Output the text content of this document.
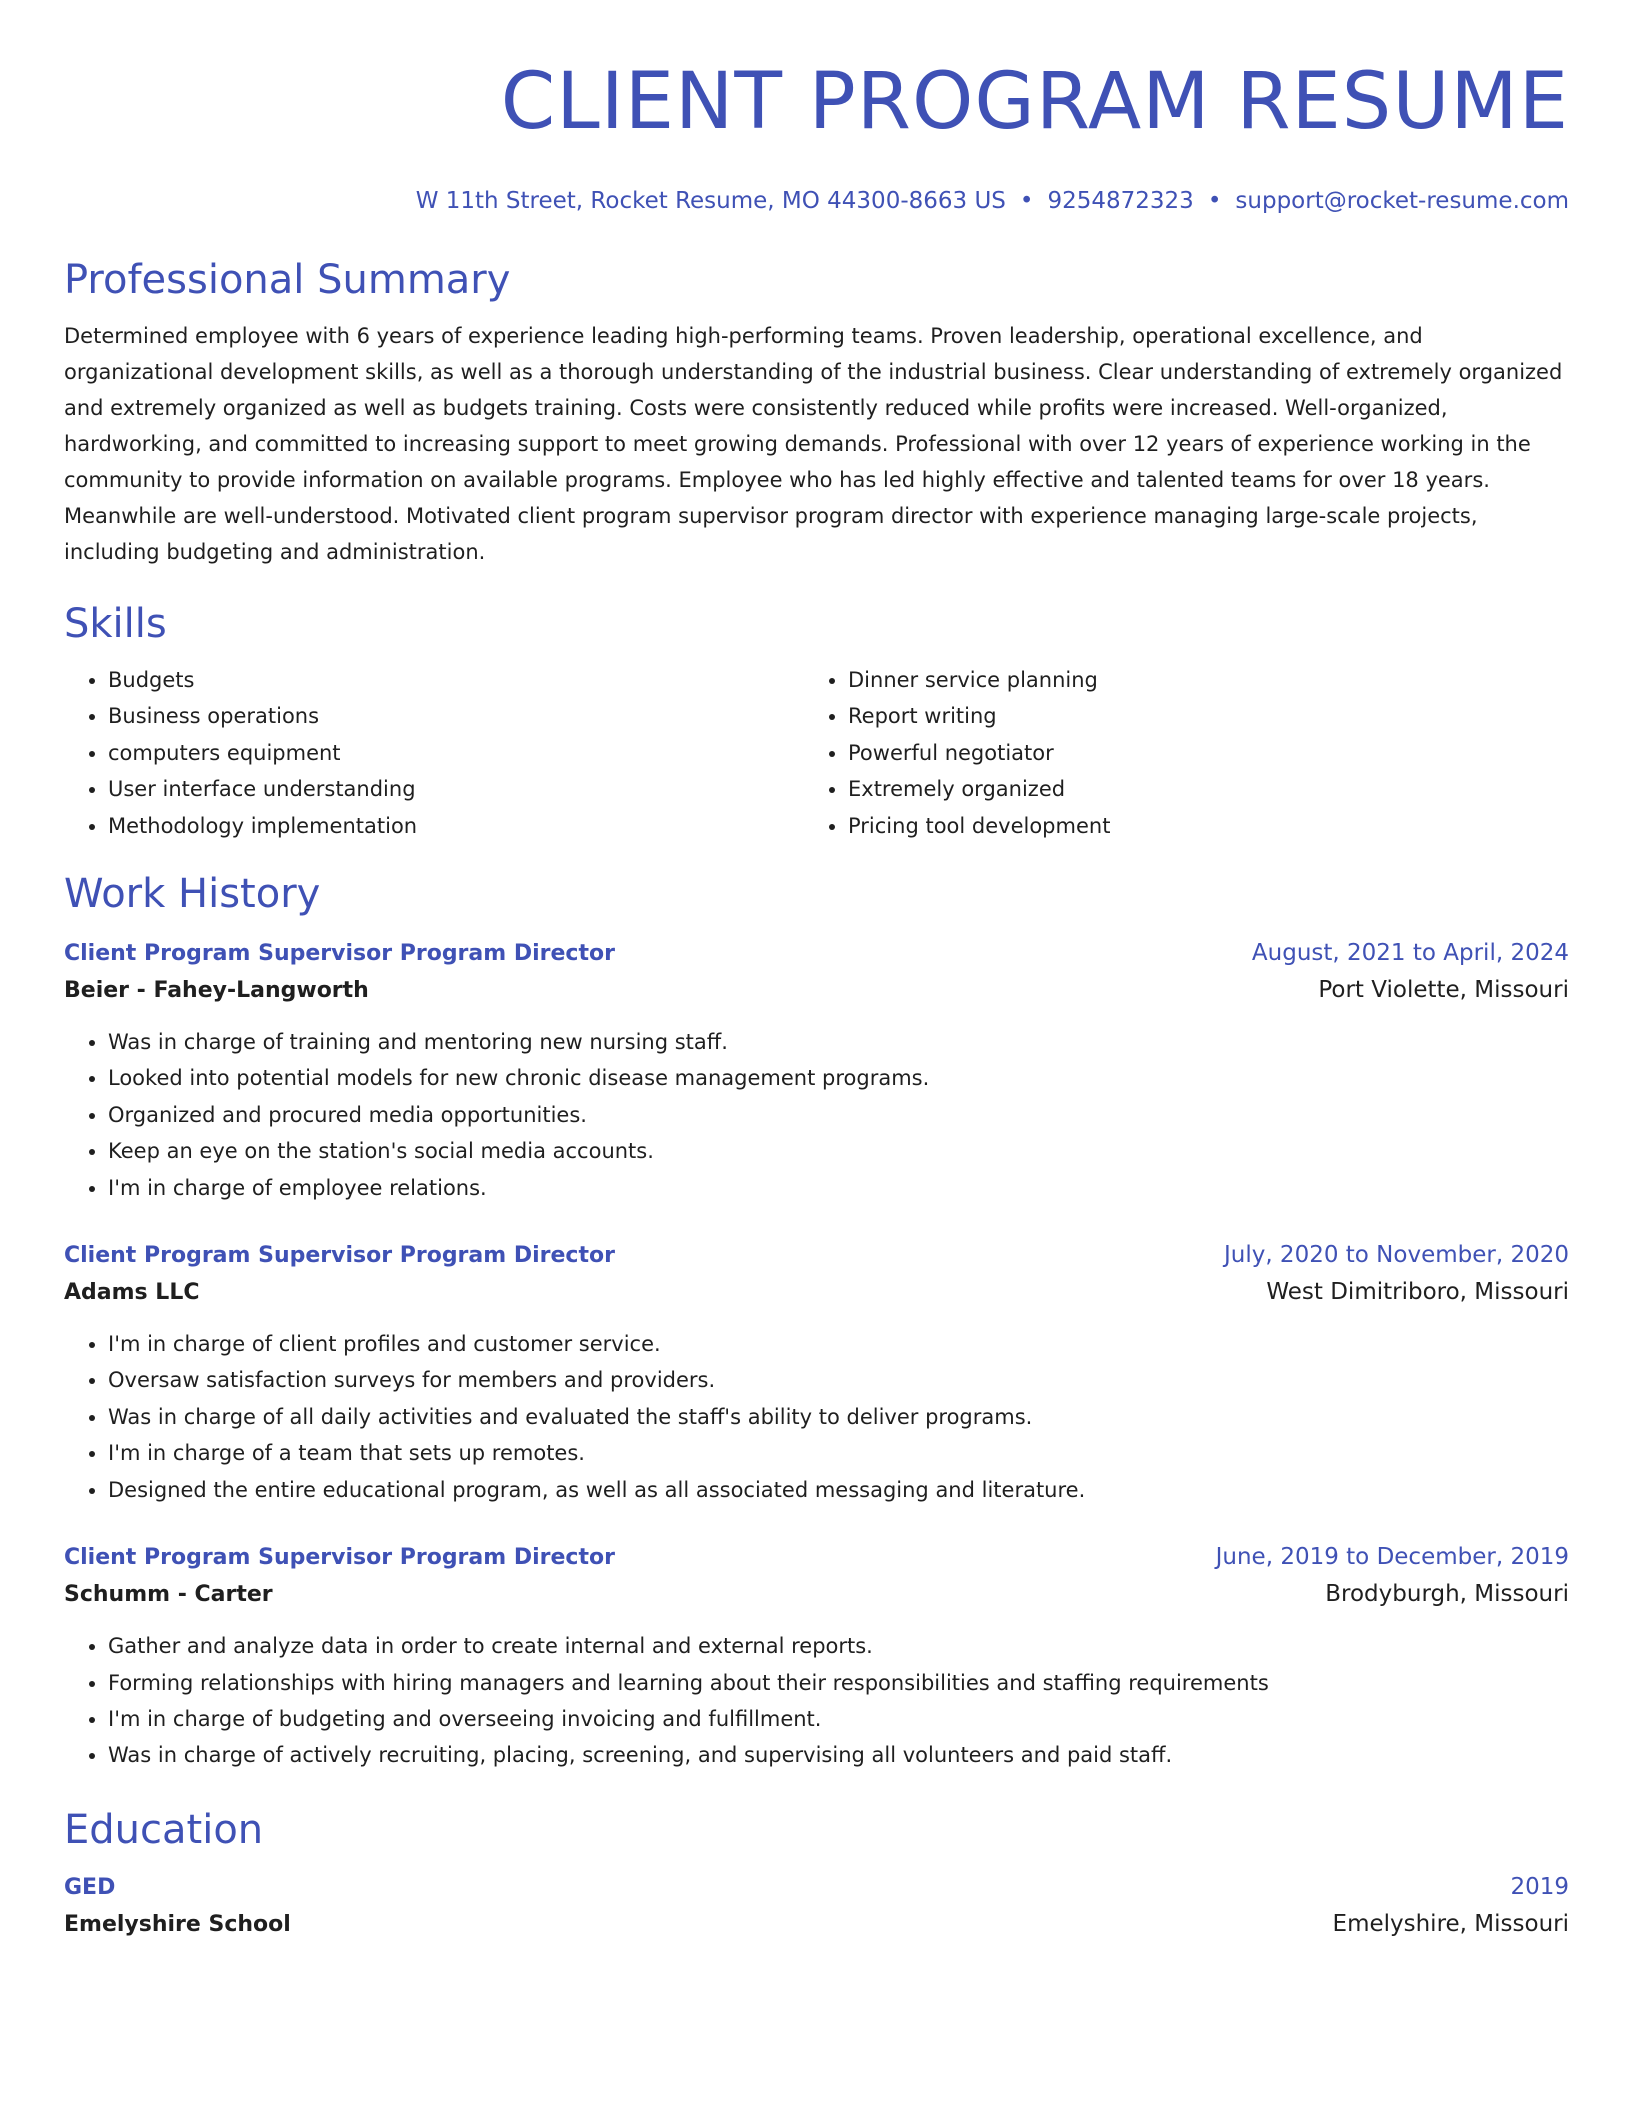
CLIENT PROGRAM RESUME
W 11th Street, Rocket Resume, MO 44300-8663 US • 9254872323 • support@rocket-resume.com
Professional Summary

Determined employee with 6 years of experience leading high-performing teams. Proven leadership, operational excellence, and organizational development skills, as well as a thorough understanding of the industrial business. Clear understanding of extremely organized and extremely organized as well as budgets training. Costs were consistently reduced while profits were increased. Well-organized, hardworking, and committed to increasing support to meet growing demands. Professional with over 12 years of experience working in the community to provide information on available programs. Employee who has led highly effective and talented teams for over 18 years. Meanwhile are well-understood. Motivated client program supervisor program director with experience managing large-scale projects, including budgeting and administration.

Skills
• Budgets
• Business operations
• computers equipment
• User interface understanding
• Methodology implementation
• Dinner service planning
• Report writing
• Powerful negotiator
• Extremely organized
• Pricing tool development
Work History
Client Program Supervisor Program Director	August, 2021 to April, 2024
Beier - Fahey-Langworth	Port Violette, Missouri
• Was in charge of training and mentoring new nursing staff.
• Looked into potential models for new chronic disease management programs.
• Organized and procured media opportunities.
• Keep an eye on the station's social media accounts.
• I'm in charge of employee relations.
Client Program Supervisor Program Director	July, 2020 to November, 2020
Adams LLC	West Dimitriboro, Missouri
• I'm in charge of client profiles and customer service.
• Oversaw satisfaction surveys for members and providers.
• Was in charge of all daily activities and evaluated the staff's ability to deliver programs.
• I'm in charge of a team that sets up remotes.
• Designed the entire educational program, as well as all associated messaging and literature.
Client Program Supervisor Program Director	June, 2019 to December, 2019
Schumm - Carter	Brodyburgh, Missouri
• Gather and analyze data in order to create internal and external reports.
• Forming relationships with hiring managers and learning about their responsibilities and staffing requirements
• I'm in charge of budgeting and overseeing invoicing and fulfillment.
• Was in charge of actively recruiting, placing, screening, and supervising all volunteers and paid staff.
Education
GED	2019
Emelyshire School	Emelyshire, Missouri
